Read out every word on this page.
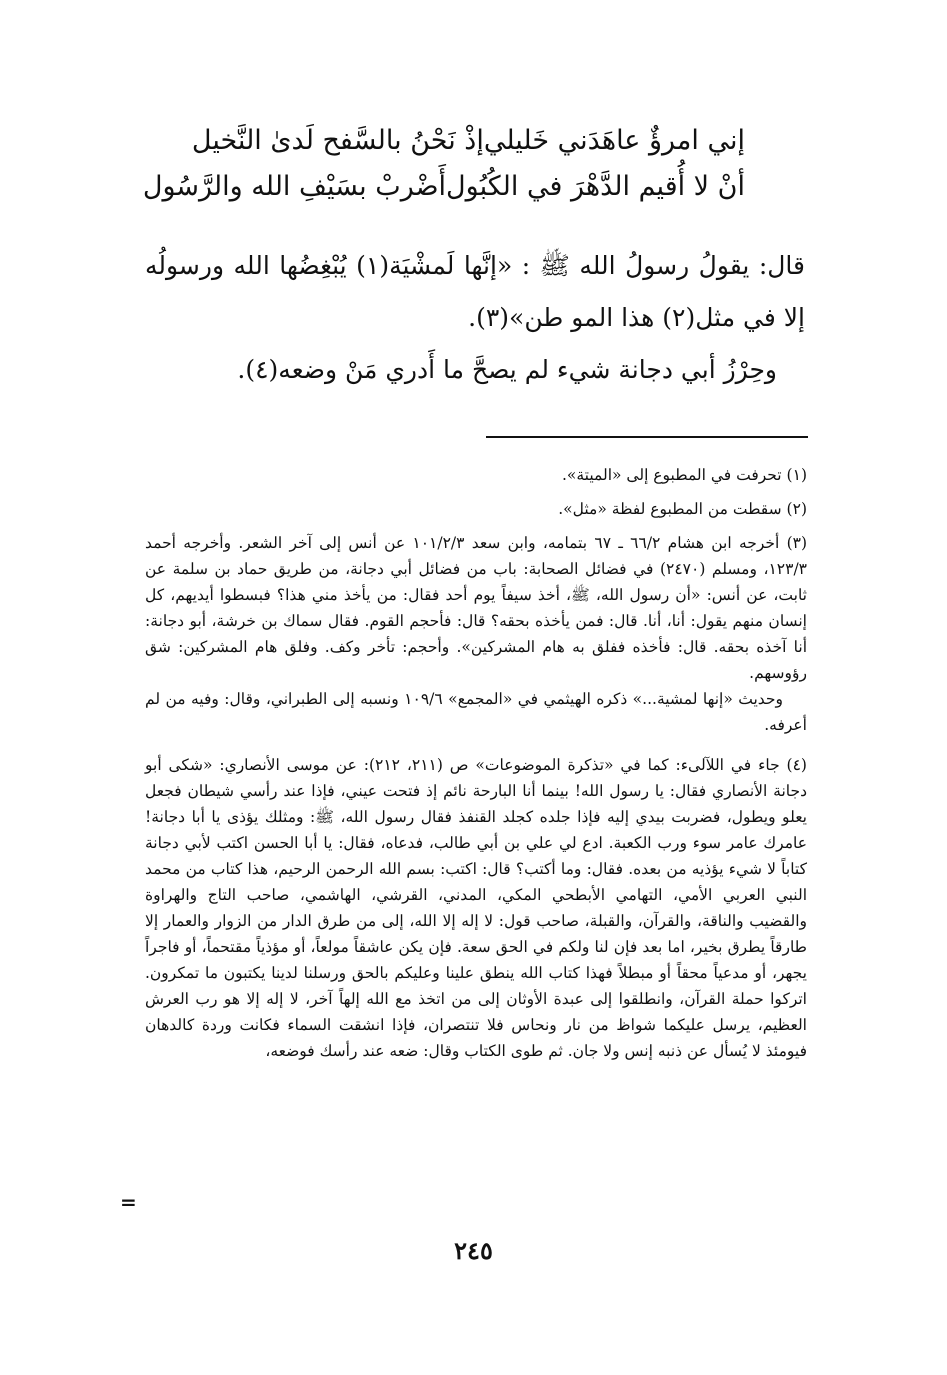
إني امرؤٌ عاهَدَني خَليلي
إذْ نَحْنُ بالسَّفح لَدىٰ النَّخيل
أنْ لا أُقيم الدَّهْرَ في الكُبُول
أَضْربْ بسَيْفِ الله والرَّسُول

قال: يقولُ رسولُ الله ﷺ : «إنَّها لَمشْيَة(١) يُبْغِضُها الله ورسولُه إلا في مثل(٢) هذا المو طن»(٣).

وحِرْزُ أبي دجانة شيء لم يصحَّ ما أَدري مَنْ وضعه(٤).

(١) تحرفت في المطبوع إلى «الميتة».

(٢) سقطت من المطبوع لفظة «مثل».

(٣) أخرجه ابن هشام ٦٦/٢ ـ ٦٧ بتمامه، وابن سعد ١٠١/٢/٣ عن أنس إلى آخر الشعر. وأخرجه أحمد ١٢٣/٣، ومسلم (٢٤٧٠) في فضائل الصحابة: باب من فضائل أبي دجانة، من طريق حماد بن سلمة عن ثابت، عن أنس: «أن رسول الله، ﷺ، أخذ سيفاً يوم أحد فقال: من يأخذ مني هذا؟ فبسطوا أيديهم، كل إنسان منهم يقول: أنا، أنا. قال: فمن يأخذه بحقه؟ قال: فأحجم القوم. فقال سماك بن خرشة، أبو دجانة: أنا آخذه بحقه. قال: فأخذه ففلق به هام المشركين». وأحجم: تأخر وكف. وفلق هام المشركين: شق رؤوسهم.

وحديث «إنها لمشية...» ذكره الهيثمي في «المجمع» ١٠٩/٦ ونسبه إلى الطبراني، وقال: وفيه من لم أعرفه.

(٤) جاء في اللآلىء: كما في «تذكرة الموضوعات» ص (٢١١، ٢١٢): عن موسى الأنصاري: «شكى أبو دجانة الأنصاري فقال: يا رسول الله! بينما أنا البارحة نائم إذ فتحت عيني، فإذا عند رأسي شيطان فجعل يعلو ويطول، فضربت بيدي إليه فإذا جلده كجلد القنفذ فقال رسول الله، ﷺ: ومثلك يؤذى يا أبا دجانة! عامرك عامر سوء ورب الكعبة. ادع لي علي بن أبي طالب، فدعاه، فقال: يا أبا الحسن اكتب لأبي دجانة كتاباً لا شيء يؤذيه من بعده. فقال: وما أكتب؟ قال: اكتب: بسم الله الرحمن الرحيم، هذا كتاب من محمد النبي العربي الأمي، التهامي الأبطحي المكي، المدني، القرشي، الهاشمي، صاحب التاج والهراوة والقضيب والناقة، والقرآن، والقبلة، صاحب قول: لا إله إلا الله، إلى من طرق الدار من الزوار والعمار إلا طارقاً يطرق بخير، اما بعد فإن لنا ولكم في الحق سعة. فإن يكن عاشقاً مولعاً، أو مؤذياً مقتحماً، أو فاجراً يجهر، أو مدعياً محقاً أو مبطلاً فهذا كتاب الله ينطق علينا وعليكم بالحق ورسلنا لدينا يكتبون ما تمكرون. اتركوا حملة القرآن، وانطلقوا إلى عبدة الأوثان إلى من اتخذ مع الله إلهاً آخر، لا إله إلا هو رب العرش العظيم، يرسل عليكما شواظ من نار ونحاس فلا تنتصران، فإذا انشقت السماء فكانت وردة كالدهان فيومئذ لا يُسأل عن ذنبه إنس ولا جان. ثم طوى الكتاب وقال: ضعه عند رأسك فوضعه،

=
٢٤٥
